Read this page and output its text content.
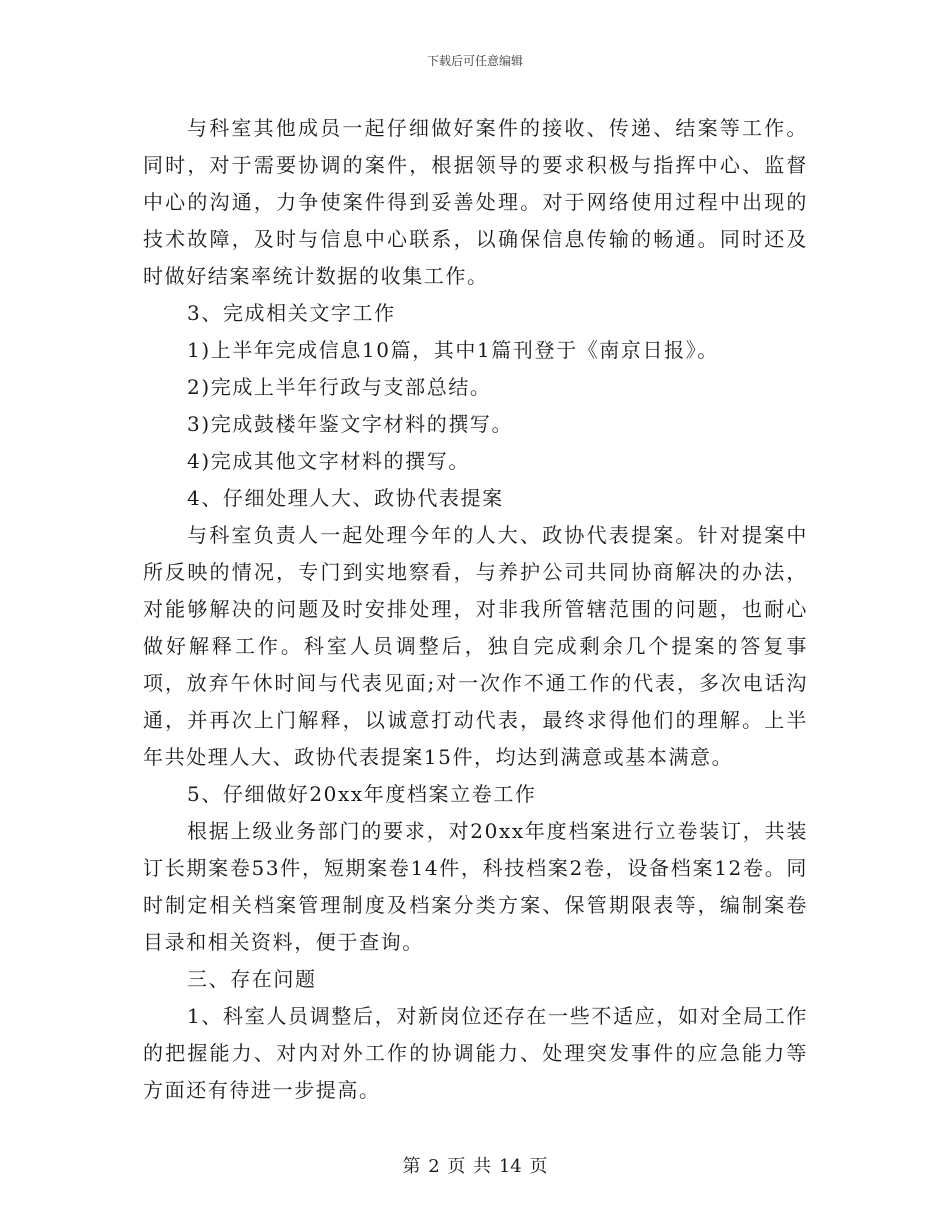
下载后可任意编辑

与科室其他成员一起仔细做好案件的接收、传递、结案等工作。同时，对于需要协调的案件，根据领导的要求积极与指挥中心、监督中心的沟通，力争使案件得到妥善处理。对于网络使用过程中出现的技术故障，及时与信息中心联系，以确保信息传输的畅通。同时还及时做好结案率统计数据的收集工作。

3、完成相关文字工作

1)上半年完成信息10篇，其中1篇刊登于《南京日报》。

2)完成上半年行政与支部总结。

3)完成鼓楼年鉴文字材料的撰写。

4)完成其他文字材料的撰写。

4、仔细处理人大、政协代表提案

与科室负责人一起处理今年的人大、政协代表提案。针对提案中所反映的情况，专门到实地察看，与养护公司共同协商解决的办法，对能够解决的问题及时安排处理，对非我所管辖范围的问题，也耐心做好解释工作。科室人员调整后，独自完成剩余几个提案的答复事项，放弃午休时间与代表见面;对一次作不通工作的代表，多次电话沟通，并再次上门解释，以诚意打动代表，最终求得他们的理解。上半年共处理人大、政协代表提案15件，均达到满意或基本满意。

5、仔细做好20xx年度档案立卷工作

根据上级业务部门的要求，对20xx年度档案进行立卷装订，共装订长期案卷53件，短期案卷14件，科技档案2卷，设备档案12卷。同时制定相关档案管理制度及档案分类方案、保管期限表等，编制案卷目录和相关资料，便于查询。

三、存在问题

1、科室人员调整后，对新岗位还存在一些不适应，如对全局工作的把握能力、对内对外工作的协调能力、处理突发事件的应急能力等方面还有待进一步提高。

第 2 页 共 14 页
